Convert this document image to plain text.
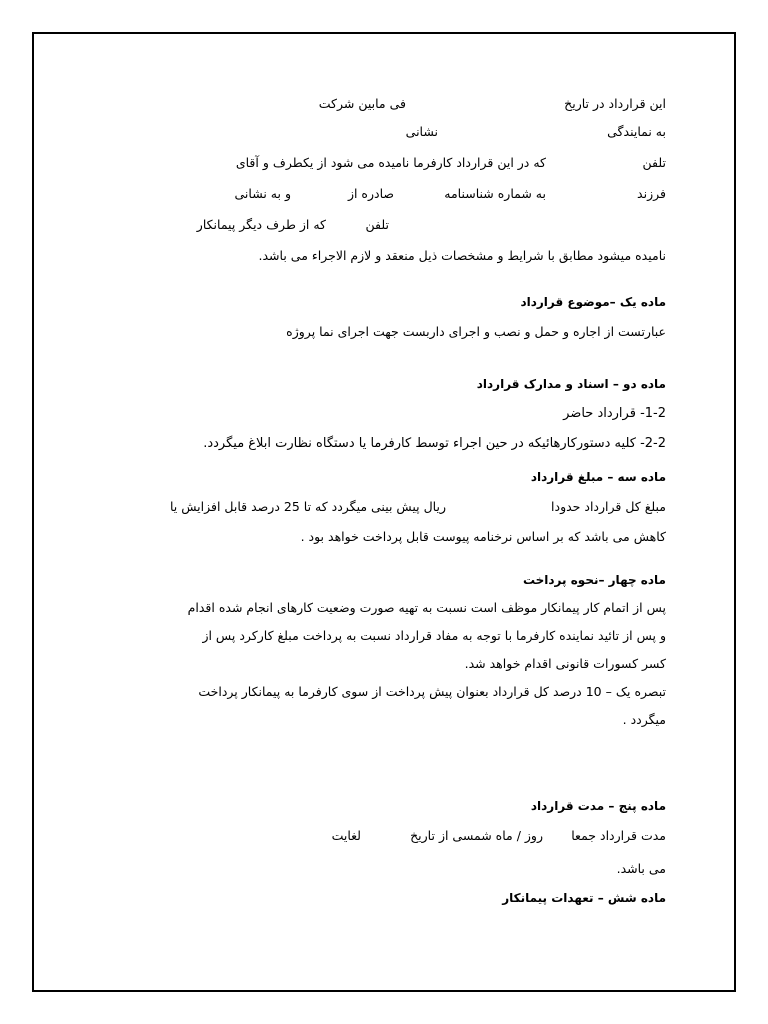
این قرارداد در تاریخ
فی مابین شرکت
به نمایندگی
نشانی
تلفن
که در این قرارداد کارفرما نامیده می شود از یکطرف و آقای
فرزند
به شماره شناسنامه
صادره از
و به نشانی
تلفن
که از طرف دیگر پیمانکار
نامیده میشود مطابق با شرایط و مشخصات ذیل منعقد و لازم الاجراء می باشد.
ماده یک –موضوع قرارداد
عبارتست از اجاره و حمل و نصب و اجرای داربست جهت اجرای نما پروژه
ماده دو – اسناد و مدارک قرارداد
1-2- قرارداد حاضر
2-2- کلیه دستورکارهائیکه در حین اجراء توسط کارفرما یا دستگاه نظارت ابلاغ میگردد.
ماده سه – مبلغ قرارداد
مبلغ کل قرارداد حدودا
ریال پیش بینی میگردد که تا 25 درصد قابل افزایش یا
کاهش می باشد که بر اساس نرخنامه پیوست قابل پرداخت خواهد بود .
ماده چهار –نحوه پرداخت
پس از اتمام کار پیمانکار موظف است نسبت به تهیه صورت وضعیت کارهای انجام شده اقدام
و پس از تائید نماینده کارفرما با توجه به مفاد قرارداد نسبت به پرداخت مبلغ کارکرد پس از
کسر کسورات قانونی اقدام خواهد شد.
تبصره یک – 10 درصد کل قرارداد بعنوان پیش پرداخت از سوی کارفرما به پیمانکار پرداخت
میگردد .
ماده پنج – مدت قرارداد
مدت قرارداد جمعا
روز / ماه شمسی از تاریخ
لغایت
می باشد.
ماده شش – تعهدات پیمانکار
